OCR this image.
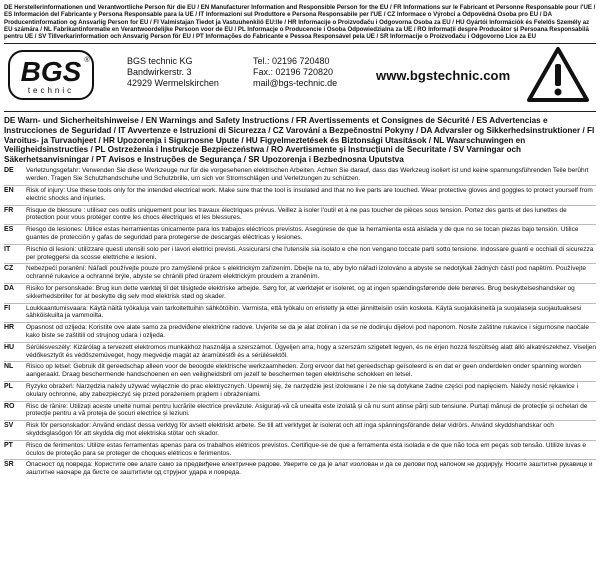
DE Herstellerinformationen und Verantwortliche Person für die EU / EN Manufacturer Information and Responsible Person for the EU / FR Informations sur le Fabricant et Personne Responsable pour l'UE / ES Información del Fabricante y Persona Responsable para la UE / IT Informazioni sul Produttore e Persona Responsabile per l'UE / CZ Informace o Výrobci a Odpovědná Osoba pro EU / DA Producentinformation og Ansvarlig Person for EU / FI Valmistajan Tiedot ja Vastuuhenkilö EU:lle / HR Informacije o Proizvođaču i Odgovorna Osoba za EU / HU Gyártói Információk és Felelős Személy az EU számára / NL Fabrikantinformatie en Verantwoordelijke Persoon voor de EU / PL Informacje o Producencie i Osoba Odpowiedzialna za UE / RO Informații despre Producător și Persoana Responsabilă pentru UE / SV Tillverkarinformation och Ansvarig Person för EU / PT Informações do Fabricante e Pessoa Responsável pela UE / SR Informacije o Proizvođaču i Odgovorno Lice za EU

BGS
technic
®	BGS technic KG
Bandwirkerstr. 3
42929 Wermelskirchen
Tel.: 02196 720480
Fax.: 02196 720820
mail@bgs-technic.de	www.bgstechnic.com

DE Warn- und Sicherheitshinweise / EN Warnings and Safety Instructions / FR Avertissements et Consignes de Sécurité / ES Advertencias e Instrucciones de Seguridad / IT Avvertenze e Istruzioni di Sicurezza / CZ Varování a Bezpečnostní Pokyny / DA Advarsler og Sikkerhedsinstruktioner / FI Varoitus- ja Turvaohjeet / HR Upozorenja i Sigurnosne Upute / HU Figyelmeztetések és Biztonsági Utasítások / NL Waarschuwingen en Veiligheidsinstructies / PL Ostrzeżenia i Instrukcje Bezpieczeństwa / RO Avertismente și Instrucțiuni de Securitate / SV Varningar och Säkerhetsanvisningar / PT Avisos e Instruções de Segurança / SR Upozorenja i Bezbednosna Uputstva

DE	Verletzungsgefahr: Verwenden Sie diese Werkzeuge nur für die vorgesehenen elektrischen Arbeiten. Achten Sie darauf, dass das Werkzeug isoliert ist und keine spannungsführenden Teile berührt werden. Tragen Sie Schutzhandschuhe und Schutzbrille, um sich vor Stromschlägen und Verletzungen zu schützen.
EN	Risk of injury: Use these tools only for the intended electrical work. Make sure that the tool is insulated and that no live parts are touched. Wear protective gloves and goggles to protect yourself from electric shocks and injuries.
FR	Risque de blessure : utilisez ces outils uniquement pour les travaux électriques prévus. Veillez à isoler l'outil et à ne pas toucher de pièces sous tension. Portez des gants et des lunettes de protection pour vous protéger contre les chocs électriques et les blessures.
ES	Riesgo de lesiones: Utilice estas herramientas únicamente para los trabajos eléctricos previstos. Asegúrese de que la herramienta está aislada y de que no se tocan piezas bajo tensión. Utilice guantes de protección y gafas de seguridad para protegerse de descargas eléctricas y lesiones.
IT	Rischio di lesioni: utilizzare questi utensili solo per i lavori elettrici previsti. Assicurarsi che l'utensile sia isolato e che non vengano toccate parti sotto tensione. Indossare guanti e occhiali di sicurezza per proteggersi da scosse elettriche e lesioni.
CZ	Nebezpečí poranění: Nářadí používejte pouze pro zamýšlené práce s elektrickým zařízením. Dbejte na to, aby bylo nářadí izolováno a abyste se nedotýkali žádných částí pod napětím. Používejte ochranné rukavice a ochranné brýle, abyste se chránili před úrazem elektrickým proudem a zraněním.
DA	Risiko for personskade: Brug kun dette værktøj til det tilsigtede elektriske arbejde. Sørg for, at værktøjet er isoleret, og at ingen spændingsførende dele berøres. Brug beskyttelseshandsker og sikkerhedsbriller for at beskytte dig selv mod elektrisk stød og skader.
FI	Loukkaantumisvaara: Käytä näitä työkaluja vain tarkoitettuihin sähkötöihin. Varmista, että työkalu on eristetty ja ettei jännitteisiin osiin kosketa. Käytä suojakäsineitä ja suojalaseja suojautuaksesi sähköiskuilta ja vammoilta.
HR	Opasnost od ozljeda: Koristite ove alate samo za predviđene električne radove. Uvjerite se da je alat izoliran i da se ne dodiruju dijelovi pod naponom. Nosite zaštitne rukavice i sigurnosne naočale kako biste se zaštitili od strujnog udara i ozljeda.
HU	Sérülésveszély: Kizárólag a tervezett elektromos munkákhoz használja a szerszámot. Ügyeljen arra, hogy a szerszám szigetelt legyen, és ne érjen hozzá feszültség alatt álló alkatrészekhez. Viseljen védőkesztyűt és védőszemüveget, hogy megvédje magát az áramütéstől és a sérülésektől.
NL	Risico op letsel: Gebruik dit gereedschap alleen voor de beoogde elektrische werkzaamheden. Zorg ervoor dat het gereedschap geïsoleerd is en dat er geen onderdelen onder spanning worden aangeraakt. Draag beschermende handschoenen en een veiligheidsbril om jezelf te beschermen tegen elektrische schokken en letsel.
PL	Ryzyko obrażeń: Narzędzia należy używać wyłącznie do prac elektrycznych. Upewnij się, że narzędzie jest izolowane i że nie są dotykane żadne części pod napięciem. Należy nosić rękawice i okulary ochronne, aby zabezpieczyć się przed porażeniem prądem i obrażeniami.
RO	Risc de rănire: Utilizați aceste unelte numai pentru lucrările electrice prevăzute. Asigurați-vă că unealta este izolată și că nu sunt atinse părți sub tensiune. Purtați mănuși de protecție și ochelari de protecție pentru a vă proteja de șocuri electrice și leziuni.
SV	Risk för personskador: Använd endast dessa verktyg för avsett elektriskt arbete. Se till att verktyget är isolerat och att inga spänningsförande delar vidrörs. Använd skyddshandskar och skyddsglasögon för att skydda dig mot elektriska stötar och skador.
PT	Risco de ferimentos: Utilize estas ferramentas apenas para os trabalhos elétricos previstos. Certifique-se de que a ferramenta está isolada e de que não toca em peças sob tensão. Utilize luvas e óculos de proteção para se proteger de choques elétricos e ferimentos.
SR	Опасност од повреда: Користите ове алате само за предвиђене електричне радове. Уверите се да је алат изолован и да се делови под напоном не додирују. Носите заштитне рукавице и заштитне наочаре да бисте се заштитили од струјног удара и повреда.
